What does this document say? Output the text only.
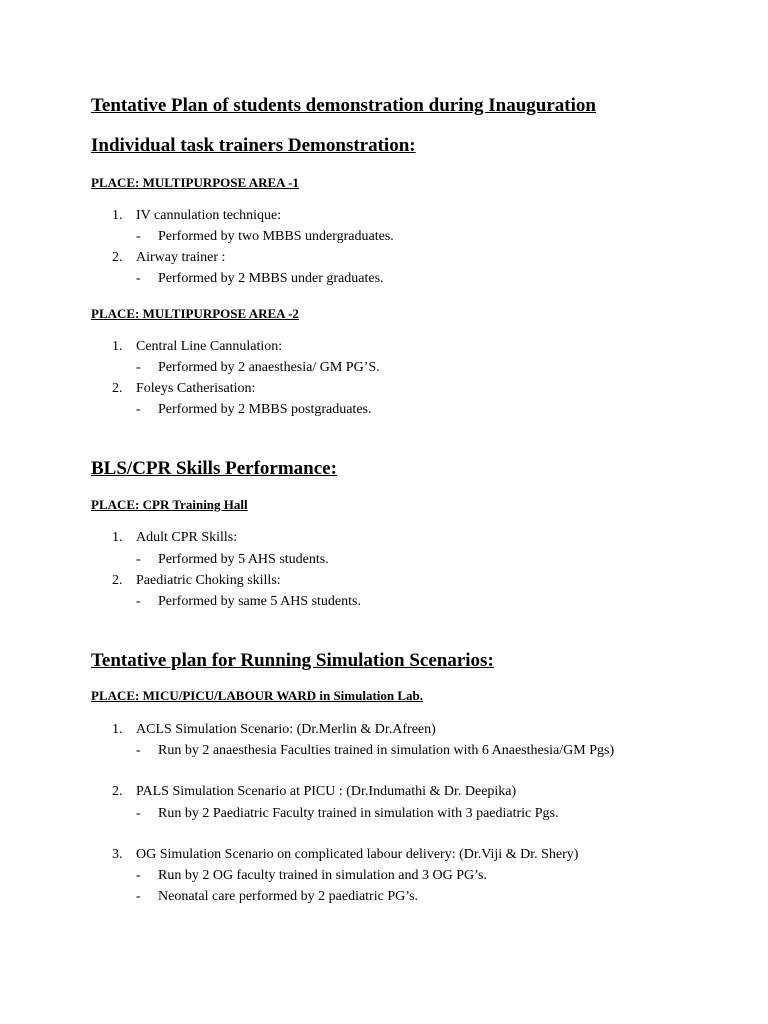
Tentative Plan of students demonstration during Inauguration
Individual task trainers Demonstration:
PLACE: MULTIPURPOSE AREA -1
1. IV cannulation technique:
- Performed by two MBBS undergraduates.
2. Airway trainer :
- Performed by 2 MBBS under graduates.
PLACE: MULTIPURPOSE AREA -2
1. Central Line Cannulation:
- Performed by 2 anaesthesia/ GM PG’S.
2. Foleys Catherisation:
- Performed by 2 MBBS postgraduates.
BLS/CPR Skills Performance:
PLACE: CPR Training Hall
1. Adult CPR Skills:
- Performed by 5 AHS students.
2. Paediatric Choking skills:
- Performed by same 5 AHS students.
Tentative plan for Running Simulation Scenarios:
PLACE: MICU/PICU/LABOUR WARD in Simulation Lab.
1. ACLS Simulation Scenario: (Dr.Merlin & Dr.Afreen)
- Run by 2 anaesthesia Faculties trained in simulation with 6 Anaesthesia/GM Pgs)
2. PALS Simulation Scenario at PICU : (Dr.Indumathi & Dr. Deepika)
- Run by 2 Paediatric Faculty trained in simulation with 3 paediatric Pgs.
3. OG Simulation Scenario on complicated labour delivery: (Dr.Viji & Dr. Shery)
- Run by 2 OG faculty trained in simulation and 3 OG PG’s.
- Neonatal care performed by 2 paediatric PG’s.
